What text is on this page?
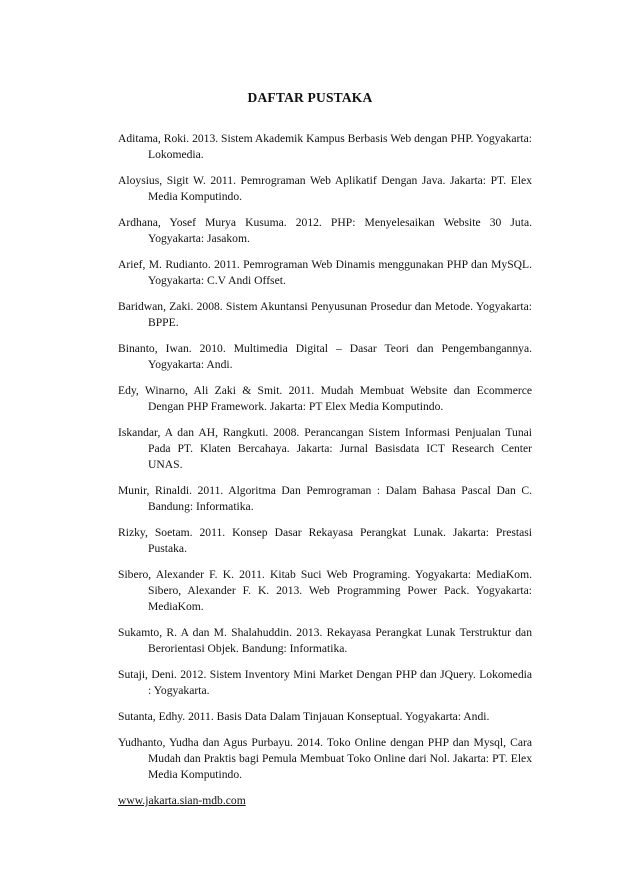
DAFTAR PUSTAKA

Aditama, Roki. 2013. Sistem Akademik Kampus Berbasis Web dengan PHP. Yogyakarta: Lokomedia.

Aloysius, Sigit W. 2011. Pemrograman Web Aplikatif Dengan Java. Jakarta: PT. Elex Media Komputindo.

Ardhana, Yosef Murya Kusuma. 2012. PHP: Menyelesaikan Website 30 Juta. Yogyakarta: Jasakom.

Arief, M. Rudianto. 2011. Pemrograman Web Dinamis menggunakan PHP dan MySQL. Yogyakarta: C.V Andi Offset.

Baridwan, Zaki. 2008. Sistem Akuntansi Penyusunan Prosedur dan Metode. Yogyakarta: BPPE.

Binanto, Iwan. 2010. Multimedia Digital – Dasar Teori dan Pengembangannya. Yogyakarta: Andi.

Edy, Winarno, Ali Zaki & Smit. 2011. Mudah Membuat Website dan Ecommerce Dengan PHP Framework. Jakarta: PT Elex Media Komputindo.

Iskandar, A dan AH, Rangkuti. 2008. Perancangan Sistem Informasi Penjualan Tunai Pada PT. Klaten Bercahaya. Jakarta: Jurnal Basisdata ICT Research Center UNAS.

Munir, Rinaldi. 2011. Algoritma Dan Pemrograman : Dalam Bahasa Pascal Dan C. Bandung: Informatika.

Rizky, Soetam. 2011. Konsep Dasar Rekayasa Perangkat Lunak. Jakarta: Prestasi Pustaka.

Sibero, Alexander F. K. 2011. Kitab Suci Web Programing. Yogyakarta: MediaKom. Sibero, Alexander F. K. 2013. Web Programming Power Pack. Yogyakarta: MediaKom.

Sukamto, R. A dan M. Shalahuddin. 2013. Rekayasa Perangkat Lunak Terstruktur dan Berorientasi Objek. Bandung: Informatika.

Sutaji, Deni. 2012. Sistem Inventory Mini Market Dengan PHP dan JQuery. Lokomedia : Yogyakarta.

Sutanta, Edhy. 2011. Basis Data Dalam Tinjauan Konseptual. Yogyakarta: Andi.

Yudhanto, Yudha dan Agus Purbayu. 2014. Toko Online dengan PHP dan Mysql, Cara Mudah dan Praktis bagi Pemula Membuat Toko Online dari Nol. Jakarta: PT. Elex Media Komputindo.

www.jakarta.sian-mdb.com
